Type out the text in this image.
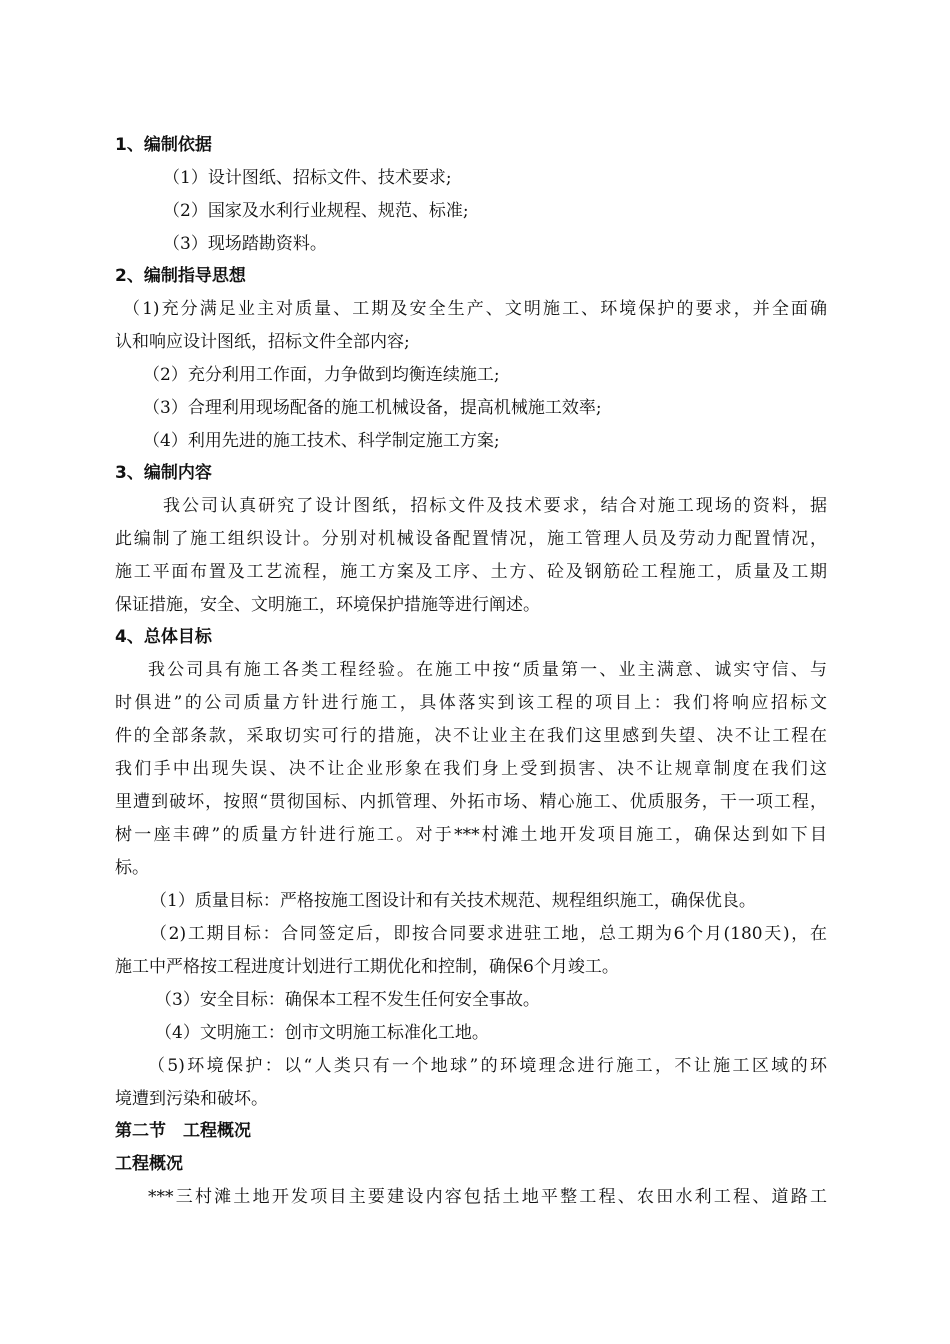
1、编制依据
（1）设计图纸、招标文件、技术要求;
（2）国家及水利行业规程、规范、标准;
（3）现场踏勘资料。
2、编制指导思想
（1)充分满足业主对质量、工期及安全生产、文明施工、环境保护的要求，并全面确
认和响应设计图纸，招标文件全部内容;
（2）充分利用工作面，力争做到均衡连续施工;
（3）合理利用现场配备的施工机械设备，提高机械施工效率;
（4）利用先进的施工技术、科学制定施工方案;
3、编制内容
我公司认真研究了设计图纸，招标文件及技术要求，结合对施工现场的资料，据
此编制了施工组织设计。分别对机械设备配置情况，施工管理人员及劳动力配置情况，
施工平面布置及工艺流程，施工方案及工序、土方、砼及钢筋砼工程施工，质量及工期
保证措施，安全、文明施工，环境保护措施等进行阐述。
4、总体目标
我公司具有施工各类工程经验。在施工中按“质量第一、业主满意、诚实守信、与
时俱进”的公司质量方针进行施工，具体落实到该工程的项目上：我们将响应招标文
件的全部条款，采取切实可行的措施，决不让业主在我们这里感到失望、决不让工程在
我们手中出现失误、决不让企业形象在我们身上受到损害、决不让规章制度在我们这
里遭到破坏，按照“贯彻国标、内抓管理、外拓市场、精心施工、优质服务，干一项工程，
树一座丰碑”的质量方针进行施工。对于***村滩土地开发项目施工，确保达到如下目
标。
（1）质量目标：严格按施工图设计和有关技术规范、规程组织施工，确保优良。
（2)工期目标：合同签定后，即按合同要求进驻工地，总工期为6个月(180天)，在
施工中严格按工程进度计划进行工期优化和控制，确保6个月竣工。
（3）安全目标：确保本工程不发生任何安全事故。
（4）文明施工：创市文明施工标准化工地。
（5)环境保护：以“人类只有一个地球”的环境理念进行施工，不让施工区域的环
境遭到污染和破坏。
第二节　工程概况
工程概况
***三村滩土地开发项目主要建设内容包括土地平整工程、农田水利工程、道路工
